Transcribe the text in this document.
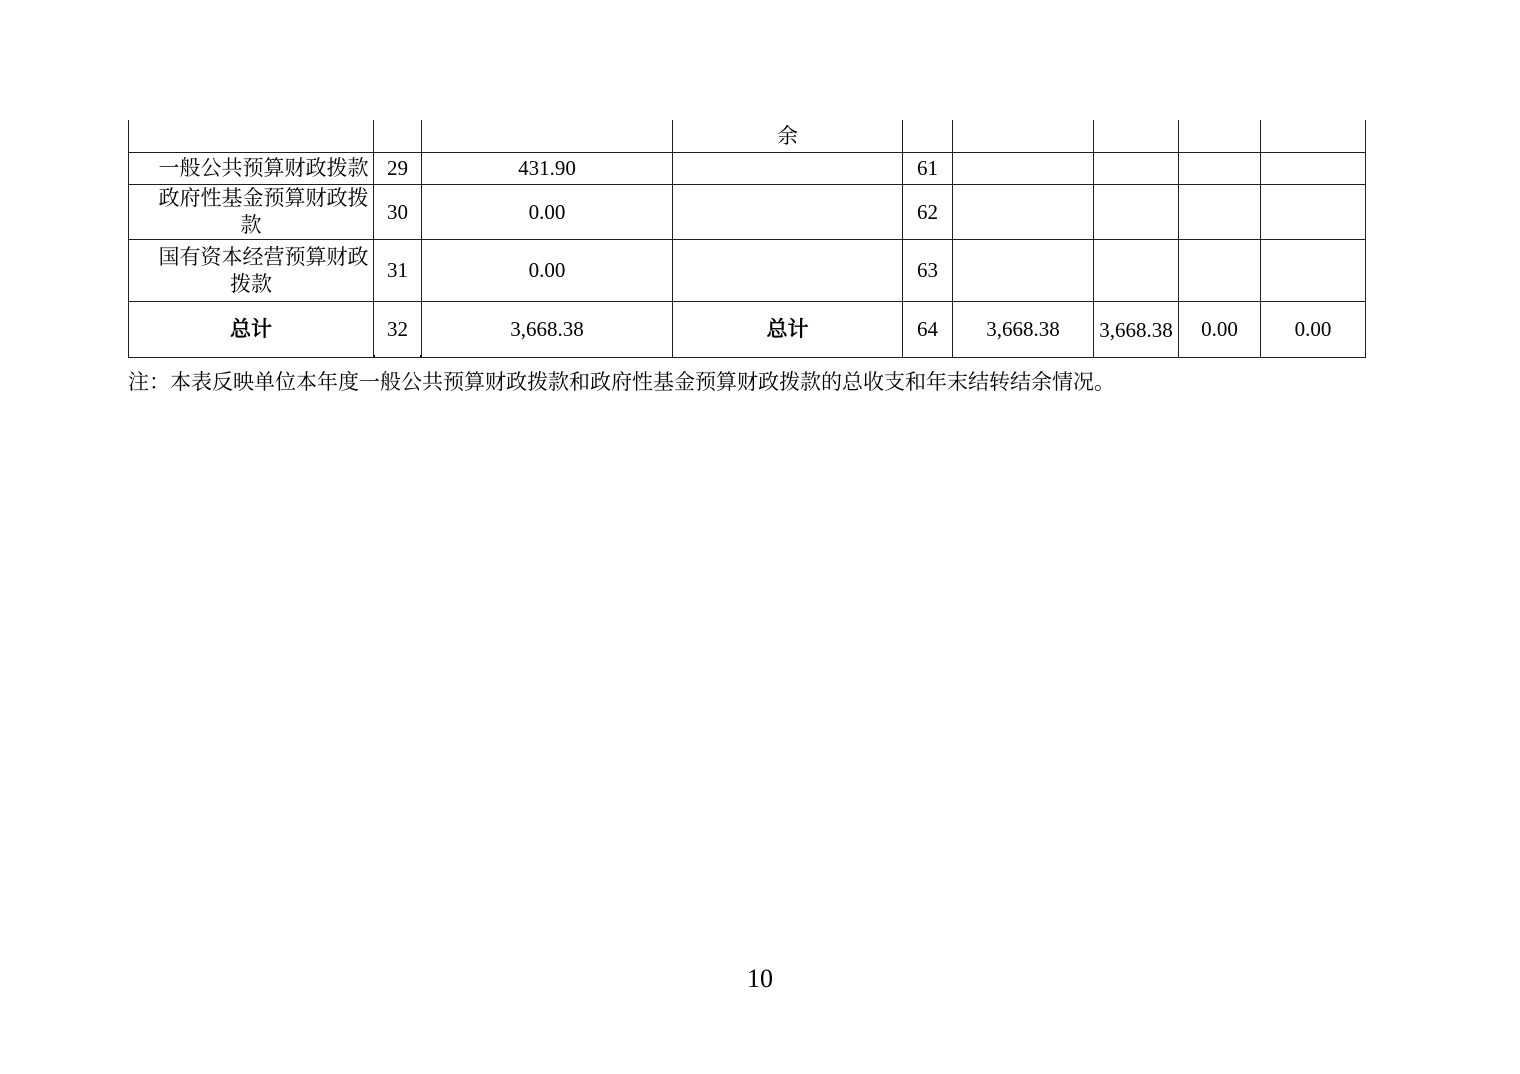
			余					
一般公共预算财政拨款	29	431.90		61				
政府性基金预算财政拨款	30	0.00		62				
国有资本经营预算财政拨款	31	0.00		63				
总计	32	3,668.38	总计	64	3,668.38	3,668.38	0.00	0.00
注：本表反映单位本年度一般公共预算财政拨款和政府性基金预算财政拨款的总收支和年末结转结余情况。
10
